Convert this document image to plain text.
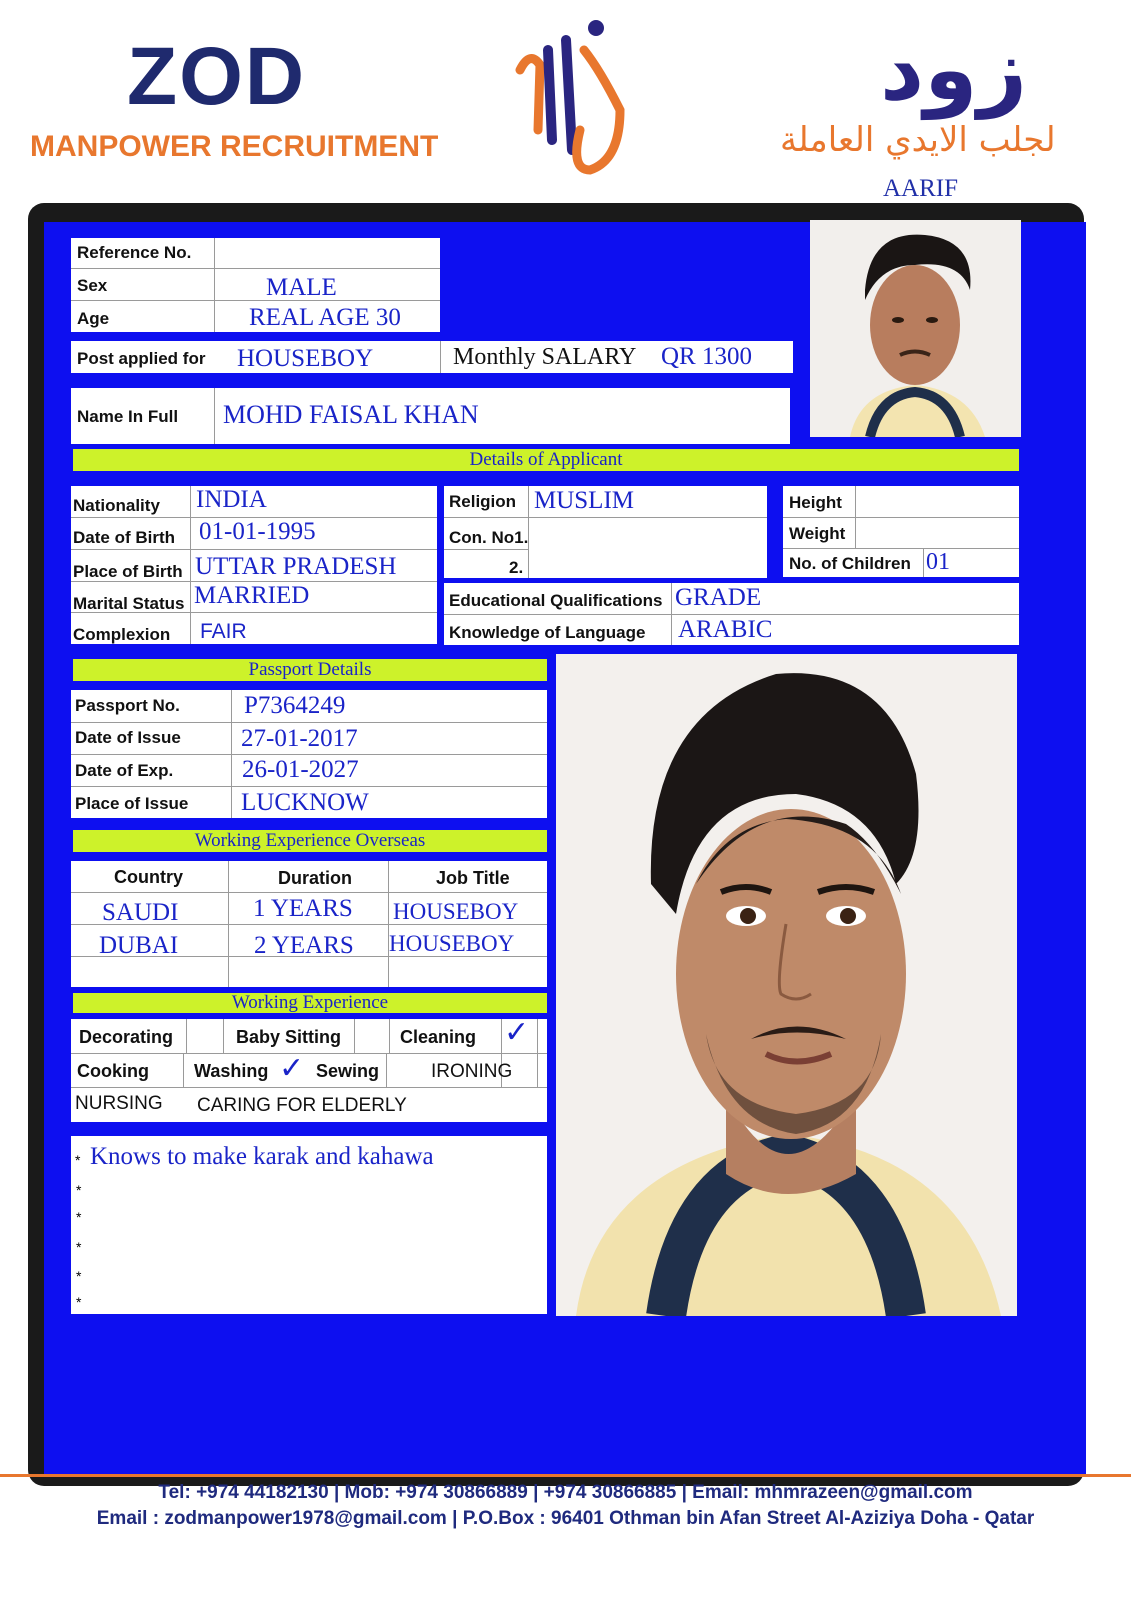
ZOD
MANPOWER RECRUITMENT
زود
لجلب الايدي العاملة
AARIF
Reference No.
Sex	MALE
Age	REAL AGE 30
Post applied for HOUSEBOY	Monthly SALARY QR 1300
Name In Full MOHD FAISAL KHAN
Details of Applicant
Nationality INDIA
Date of Birth 01-01-1995
Place of Birth UTTAR PRADESH
Marital Status MARRIED
Complexion FAIR
Religion MUSLIM
Con. No1.
2.
Height
Weight
No. of Children 01
Educational Qualifications GRADE
Knowledge of Language ARABIC
Passport Details
Passport No.	P7364249
Date of Issue 27-01-2017
Date of Exp.	26-01-2027
Place of Issue LUCKNOW
Working Experience Overseas
Country	Duration	Job Title
SAUDI	1 YEARS HOUSEBOY
DUBAI	2 YEARS HOUSEBOY
Working Experience
Decorating	Baby Sitting	Cleaning ✓
Cooking	Washing ✓ Sewing	IRONING
NURSING CARING FOR ELDERLY
* Knows to make karak and kahawa
*
*
*
*
*
Tel: +974 44182130 | Mob: +974 30866889 | +974 30866885 | Email: mhmrazeen@gmail.com
Email : zodmanpower1978@gmail.com | P.O.Box : 96401 Othman bin Afan Street Al-Aziziya Doha - Qatar
